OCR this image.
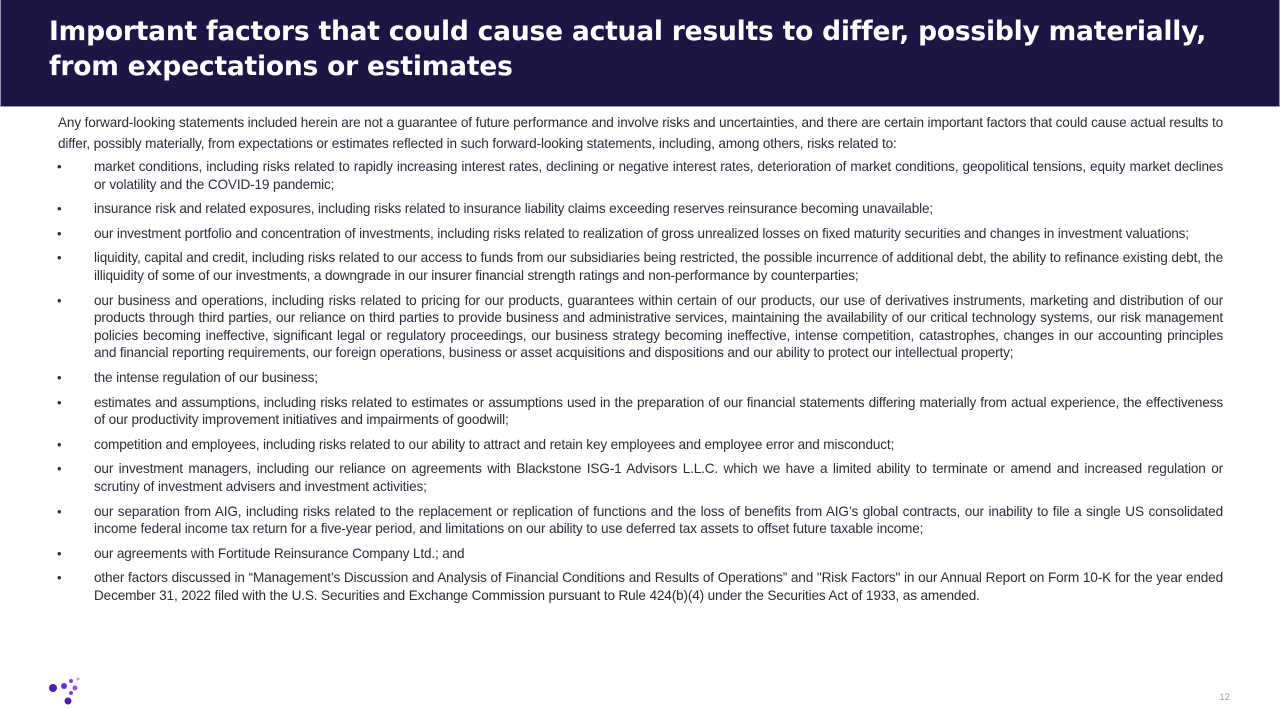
Important factors that could cause actual results to differ, possibly materially, from expectations or estimates

Any forward-looking statements included herein are not a guarantee of future performance and involve risks and uncertainties, and there are certain important factors that could cause actual results to differ, possibly materially, from expectations or estimates reflected in such forward-looking statements, including, among others, risks related to:

• market conditions, including risks related to rapidly increasing interest rates, declining or negative interest rates, deterioration of market conditions, geopolitical tensions, equity market declines or volatility and the COVID-19 pandemic;
• insurance risk and related exposures, including risks related to insurance liability claims exceeding reserves reinsurance becoming unavailable;
• our investment portfolio and concentration of investments, including risks related to realization of gross unrealized losses on fixed maturity securities and changes in investment valuations;
• liquidity, capital and credit, including risks related to our access to funds from our subsidiaries being restricted, the possible incurrence of additional debt, the ability to refinance existing debt, the illiquidity of some of our investments, a downgrade in our insurer financial strength ratings and non-performance by counterparties;
• our business and operations, including risks related to pricing for our products, guarantees within certain of our products, our use of derivatives instruments, marketing and distribution of our products through third parties, our reliance on third parties to provide business and administrative services, maintaining the availability of our critical technology systems, our risk management policies becoming ineffective, significant legal or regulatory proceedings, our business strategy becoming ineffective, intense competition, catastrophes, changes in our accounting principles and financial reporting requirements, our foreign operations, business or asset acquisitions and dispositions and our ability to protect our intellectual property;
• the intense regulation of our business;
• estimates and assumptions, including risks related to estimates or assumptions used in the preparation of our financial statements differing materially from actual experience, the effectiveness of our productivity improvement initiatives and impairments of goodwill;
• competition and employees, including risks related to our ability to attract and retain key employees and employee error and misconduct;
• our investment managers, including our reliance on agreements with Blackstone ISG-1 Advisors L.L.C. which we have a limited ability to terminate or amend and increased regulation or scrutiny of investment advisers and investment activities;
• our separation from AIG, including risks related to the replacement or replication of functions and the loss of benefits from AIG’s global contracts, our inability to file a single US consolidated income federal income tax return for a five-year period, and limitations on our ability to use deferred tax assets to offset future taxable income;
• our agreements with Fortitude Reinsurance Company Ltd.; and
• other factors discussed in “Management’s Discussion and Analysis of Financial Conditions and Results of Operations” and "Risk Factors" in our Annual Report on Form 10-K for the year ended December 31, 2022 filed with the U.S. Securities and Exchange Commission pursuant to Rule 424(b)(4) under the Securities Act of 1933, as amended.
12
